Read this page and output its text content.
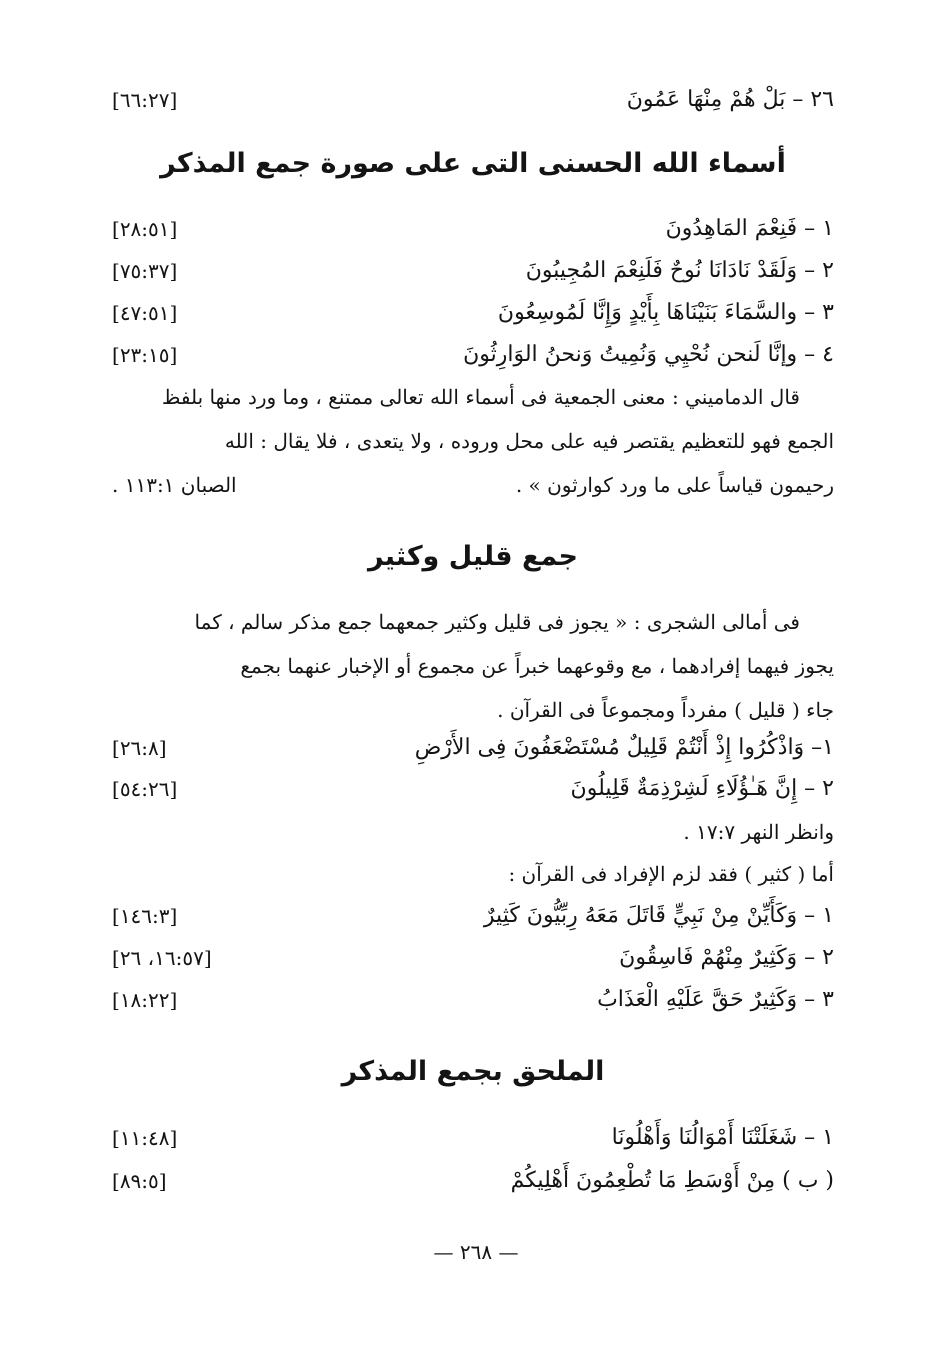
٢٦ – بَلْ هُمْ مِنْهَا عَمُونَ
[٦٦:٢٧]
أسماء الله الحسنى التى على صورة جمع المذكر
١ – فَنِعْمَ المَاهِدُونَ
[٢٨:٥١]
٢ – وَلَقَدْ نَادَانَا نُوحٌ فَلَنِعْمَ المُجِيبُونَ
[٧٥:٣٧]
٣ – والسَّمَاءَ بَنَيْنَاهَا بِأَيْدٍ وَإِنَّا لَمُوسِعُونَ
[٤٧:٥١]
٤ – وإنَّا لَنحن نُحْيِي وَنُمِيتُ وَنحنُ الوَارِثُونَ
[٢٣:١٥]
قال الدماميني : معنى الجمعية فى أسماء الله تعالى ممتنع ، وما ورد منها بلفظ
الجمع فهو للتعظيم يقتصر فيه على محل وروده ، ولا يتعدى ، فلا يقال : الله
رحيمون قياساً على ما ورد كوارثون » .
الصبان ١١٣:١ .
جمع قليل وكثير
فى أمالى الشجرى : « يجوز فى قليل وكثير جمعهما جمع مذكر سالم ، كما
يجوز فيهما إفرادهما ، مع وقوعهما خبراً عن مجموع أو الإخبار عنهما بجمع
جاء ( قليل ) مفرداً ومجموعاً فى القرآن .
١– وَاذْكُرُوا إِذْ أَنْتُمْ قَلِيلٌ مُسْتَضْعَفُونَ فِى الأَرْضِ
[٢٦:٨]
٢ – إِنَّ هَـٰؤُلَاءِ لَشِرْذِمَةٌ قَلِيلُونَ
[٥٤:٢٦]
وانظر النهر ١٧:٧ .
أما ( كثير ) فقد لزم الإفراد فى القرآن :
١ – وَكَأَيِّنْ مِنْ نَبِيٍّ قَاتَلَ مَعَهُ رِبِّيُّونَ كَثِيرٌ
[١٤٦:٣]
٢ – وَكَثِيرٌ مِنْهُمْ فَاسِقُونَ
[١٦:٥٧، ٢٦]
٣ – وَكَثِيرٌ حَقَّ عَلَيْهِ الْعَذَابُ
[١٨:٢٢]
الملحق بجمع المذكر
١ – شَغَلَتْنَا أَمْوَالُنَا وَأَهْلُونَا
[١١:٤٨]
( ب ) مِنْ أَوْسَطِ مَا تُطْعِمُونَ أَهْلِيكُمْ
[٨٩:٥]
— ٢٦٨ —
